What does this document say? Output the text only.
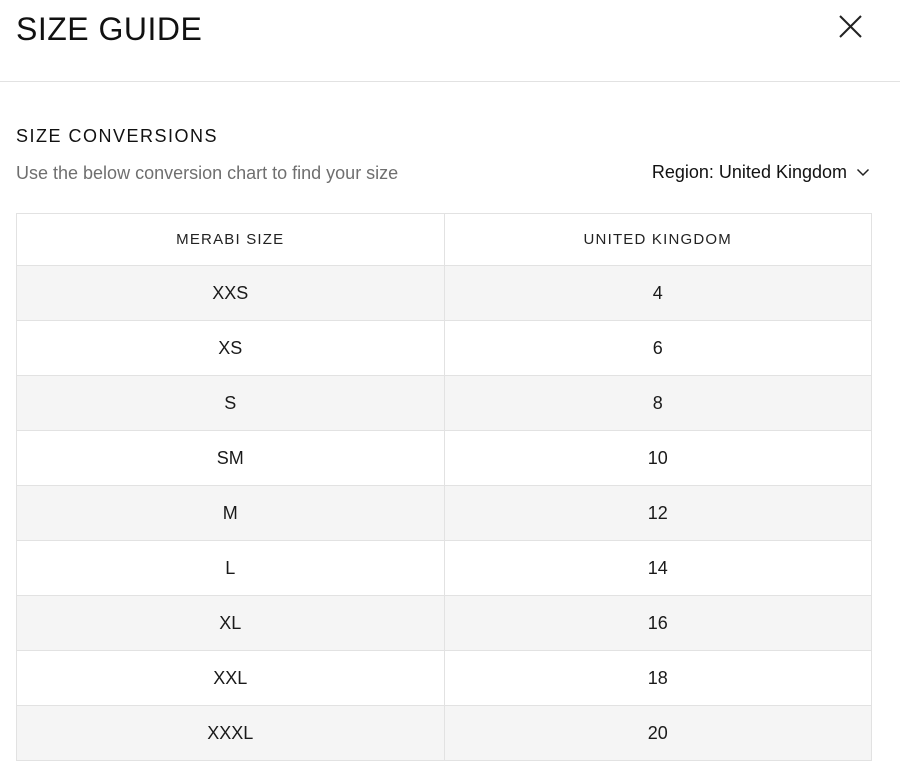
SIZE GUIDE
SIZE CONVERSIONS

Use the below conversion chart to find your size	Region: United Kingdom
MERABI SIZE	UNITED KINGDOM
XXS	4
XS	6
S	8
SM	10
M	12
L	14
XL	16
XXL	18
XXXL	20
